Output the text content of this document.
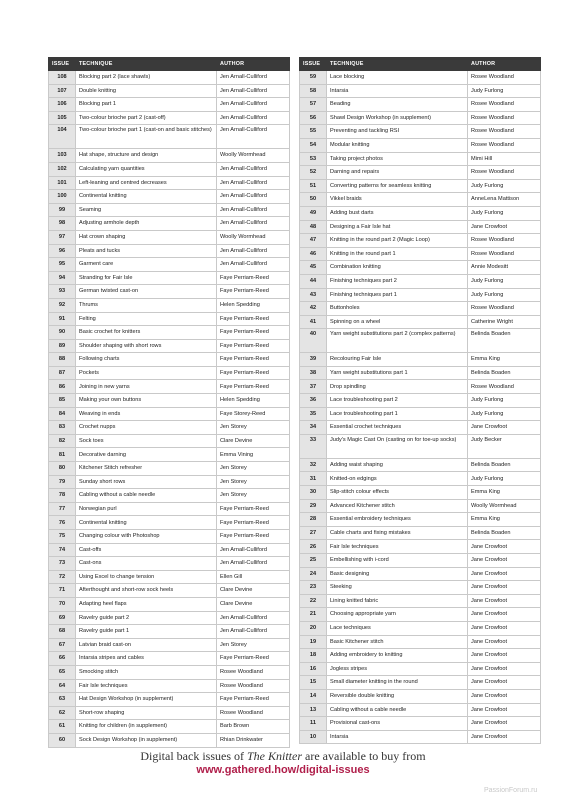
ISSUE	TECHNIQUE	AUTHOR
108	Blocking part 2 (lace shawls)	Jen Arnall-Culliford
107	Double knitting	Jen Arnall-Culliford
106	Blocking part 1	Jen Arnall-Culliford
105	Two-colour brioche part 2 (cast-off)	Jen Arnall-Culliford
104	Two-colour brioche part 1 (cast-on and basic stitches)	Jen Arnall-Culliford
103	Hat shape, structure and design	Woolly Wormhead
102	Calculating yarn quantities	Jen Arnall-Culliford
101	Left-leaning and centred decreases	Jen Arnall-Culliford
100	Continental knitting	Jen Arnall-Culliford
99	Seaming	Jen Arnall-Culliford
98	Adjusting armhole depth	Jen Arnall-Culliford
97	Hat crown shaping	Woolly Wormhead
96	Pleats and tucks	Jen Arnall-Culliford
95	Garment care	Jen Arnall-Culliford
94	Stranding for Fair Isle	Faye Perriam-Reed
93	German twisted cast-on	Faye Perriam-Reed
92	Thrums	Helen Spedding
91	Felting	Faye Perriam-Reed
90	Basic crochet for knitters	Faye Perriam-Reed
89	Shoulder shaping with short rows	Faye Perriam-Reed
88	Following charts	Faye Perriam-Reed
87	Pockets	Faye Perriam-Reed
86	Joining in new yarns	Faye Perriam-Reed
85	Making your own buttons	Helen Spedding
84	Weaving in ends	Faye Storey-Reed
83	Crochet nupps	Jen Storey
82	Sock toes	Clare Devine
81	Decorative darning	Emma Vining
80	Kitchener Stitch refresher	Jen Storey
79	Sunday short rows	Jen Storey
78	Cabling without a cable needle	Jen Storey
77	Norwegian purl	Faye Perriam-Reed
76	Continental knitting	Faye Perriam-Reed
75	Changing colour with Photoshop	Faye Perriam-Reed
74	Cast-offs	Jen Arnall-Culliford
73	Cast-ons	Jen Arnall-Culliford
72	Using Excel to change tension	Ellen Gill
71	Afterthought and short-row sock heels	Clare Devine
70	Adapting heel flaps	Clare Devine
69	Ravelry guide part 2	Jen Arnall-Culliford
68	Ravelry guide part 1	Jen Arnall-Culliford
67	Latvian braid cast-on	Jen Storey
66	Intarsia stripes and cables	Faye Perriam-Reed
65	Smocking stitch	Rosee Woodland
64	Fair Isle techniques	Rosee Woodland
63	Hat Design Workshop (in supplement)	Faye Perriam-Reed
62	Short-row shaping	Rosee Woodland
61	Knitting for children (in supplement)	Barb Brown
60	Sock Design Workshop (in supplement)	Rhian Drinkwater
ISSUE	TECHNIQUE	AUTHOR
59	Lace blocking	Rosee Woodland
58	Intarsia	Judy Furlong
57	Beading	Rosee Woodland
56	Shawl Design Workshop (in supplement)	Rosee Woodland
55	Preventing and tackling RSI	Rosee Woodland
54	Modular knitting	Rosee Woodland
53	Taking project photos	Mimi Hill
52	Darning and repairs	Rosee Woodland
51	Converting patterns for seamless knitting	Judy Furlong
50	Vikkel braids	AnneLena Mattison
49	Adding bust darts	Judy Furlong
48	Designing a Fair Isle hat	Jane Crowfoot
47	Knitting in the round part 2 (Magic Loop)	Rosee Woodland
46	Knitting in the round part 1	Rosee Woodland
45	Combination knitting	Annie Modesitt
44	Finishing techniques part 2	Judy Furlong
43	Finishing techniques part 1	Judy Furlong
42	Buttonholes	Rosee Woodland
41	Spinning on a wheel	Catherine Wright
40	Yarn weight substitutions part 2 (complex patterns)	Belinda Boaden
39	Recolouring Fair Isle	Emma King
38	Yarn weight substitutions part 1	Belinda Boaden
37	Drop spindling	Rosee Woodland
36	Lace troubleshooting part 2	Judy Furlong
35	Lace troubleshooting part 1	Judy Furlong
34	Essential crochet techniques	Jane Crowfoot
33	Judy's Magic Cast On (casting on for toe-up socks)	Judy Becker
32	Adding waist shaping	Belinda Boaden
31	Knitted-on edgings	Judy Furlong
30	Slip-stitch colour effects	Emma King
29	Advanced Kitchener stitch	Woolly Wormhead
28	Essential embroidery techniques	Emma King
27	Cable charts and fixing mistakes	Belinda Boaden
26	Fair Isle techniques	Jane Crowfoot
25	Embellishing with i-cord	Jane Crowfoot
24	Basic designing	Jane Crowfoot
23	Steeking	Jane Crowfoot
22	Lining knitted fabric	Jane Crowfoot
21	Choosing appropriate yarn	Jane Crowfoot
20	Lace techniques	Jane Crowfoot
19	Basic Kitchener stitch	Jane Crowfoot
18	Adding embroidery to knitting	Jane Crowfoot
16	Jogless stripes	Jane Crowfoot
15	Small diameter knitting in the round	Jane Crowfoot
14	Reversible double knitting	Jane Crowfoot
13	Cabling without a cable needle	Jane Crowfoot
11	Provisional cast-ons	Jane Crowfoot
10	Intarsia	Jane Crowfoot
Digital back issues of The Knitter are available to buy from
www.gathered.how/digital-issues
PassionForum.ru
